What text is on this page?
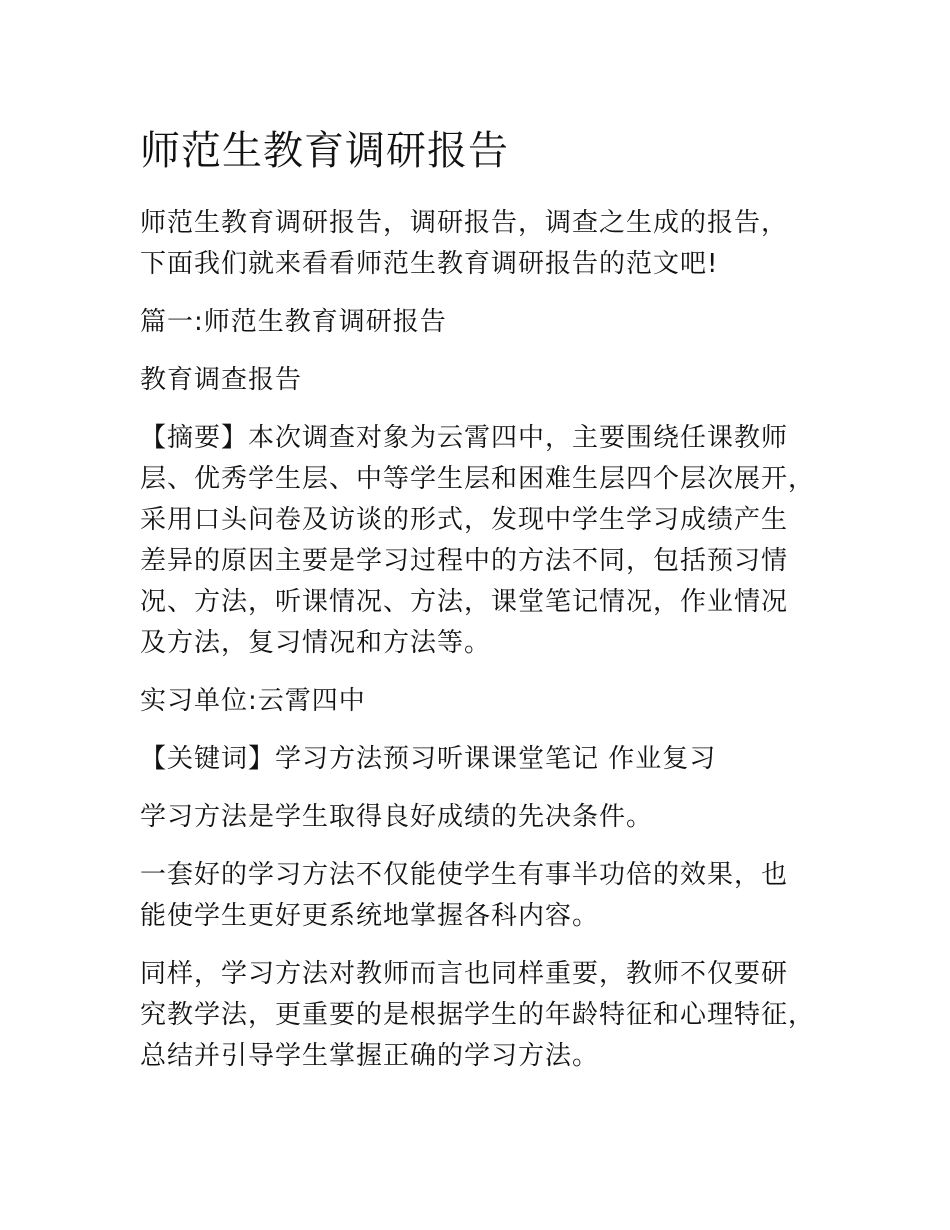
师范生教育调研报告

师范生教育调研报告，调研报告，调查之生成的报告，
下面我们就来看看师范生教育调研报告的范文吧!

篇一:师范生教育调研报告

教育调查报告

【摘要】本次调查对象为云霄四中，主要围绕任课教师
层、优秀学生层、中等学生层和困难生层四个层次展开，
采用口头问卷及访谈的形式，发现中学生学习成绩产生
差异的原因主要是学习过程中的方法不同，包括预习情
况、方法，听课情况、方法，课堂笔记情况，作业情况
及方法，复习情况和方法等。

实习单位:云霄四中

【关键词】学习方法预习听课课堂笔记 作业复习

学习方法是学生取得良好成绩的先决条件。

一套好的学习方法不仅能使学生有事半功倍的效果，也
能使学生更好更系统地掌握各科内容。

同样，学习方法对教师而言也同样重要，教师不仅要研
究教学法，更重要的是根据学生的年龄特征和心理特征，
总结并引导学生掌握正确的学习方法。
